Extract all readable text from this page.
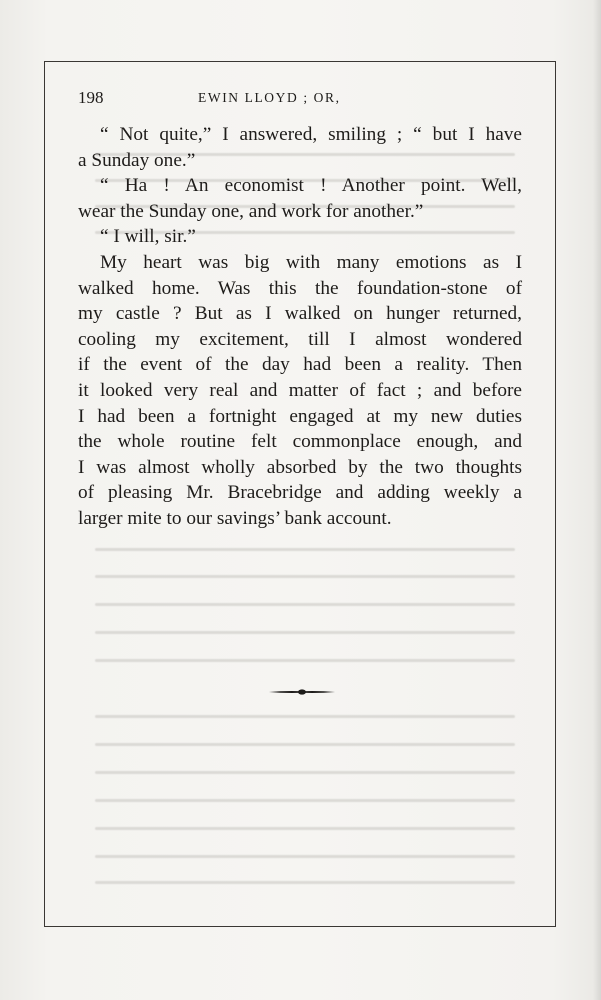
198	EWIN LLOYD ; OR,
“ Not quite,” I answered, smiling ; “ but I have
a Sunday one.”
“ Ha ! An economist ! Another point. Well,
wear the Sunday one, and work for another.”
“ I will, sir.”
My heart was big with many emotions as I
walked home. Was this the foundation-stone of
my castle ? But as I walked on hunger returned,
cooling my excitement, till I almost wondered
if the event of the day had been a reality. Then
it looked very real and matter of fact ; and before
I had been a fortnight engaged at my new duties
the whole routine felt commonplace enough, and
I was almost wholly absorbed by the two thoughts
of pleasing Mr. Bracebridge and adding weekly a
larger mite to our savings’ bank account.
